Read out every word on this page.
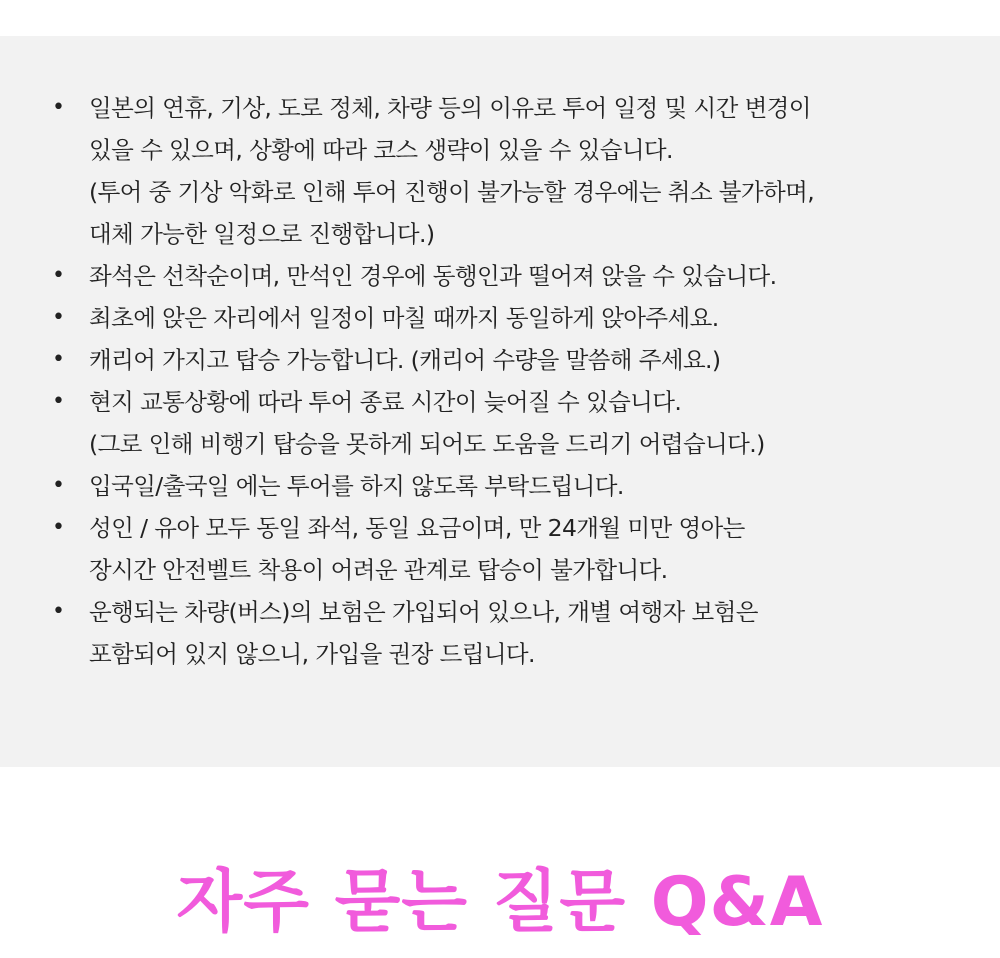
• 일본의 연휴, 기상, 도로 정체, 차량 등의 이유로 투어 일정 및 시간 변경이
있을 수 있으며, 상황에 따라 코스 생략이 있을 수 있습니다.
(투어 중 기상 악화로 인해 투어 진행이 불가능할 경우에는 취소 불가하며,
대체 가능한 일정으로 진행합니다.)
• 좌석은 선착순이며, 만석인 경우에 동행인과 떨어져 앉을 수 있습니다.
• 최초에 앉은 자리에서 일정이 마칠 때까지 동일하게 앉아주세요.
• 캐리어 가지고 탑승 가능합니다. (캐리어 수량을 말씀해 주세요.)
• 현지 교통상황에 따라 투어 종료 시간이 늦어질 수 있습니다.
(그로 인해 비행기 탑승을 못하게 되어도 도움을 드리기 어렵습니다.)
• 입국일/출국일 에는 투어를 하지 않도록 부탁드립니다.
• 성인 / 유아 모두 동일 좌석, 동일 요금이며, 만 24개월 미만 영아는
장시간 안전벨트 착용이 어려운 관계로 탑승이 불가합니다.
• 운행되는 차량(버스)의 보험은 가입되어 있으나, 개별 여행자 보험은
포함되어 있지 않으니, 가입을 권장 드립니다.
자주 묻는 질문 Q&A
